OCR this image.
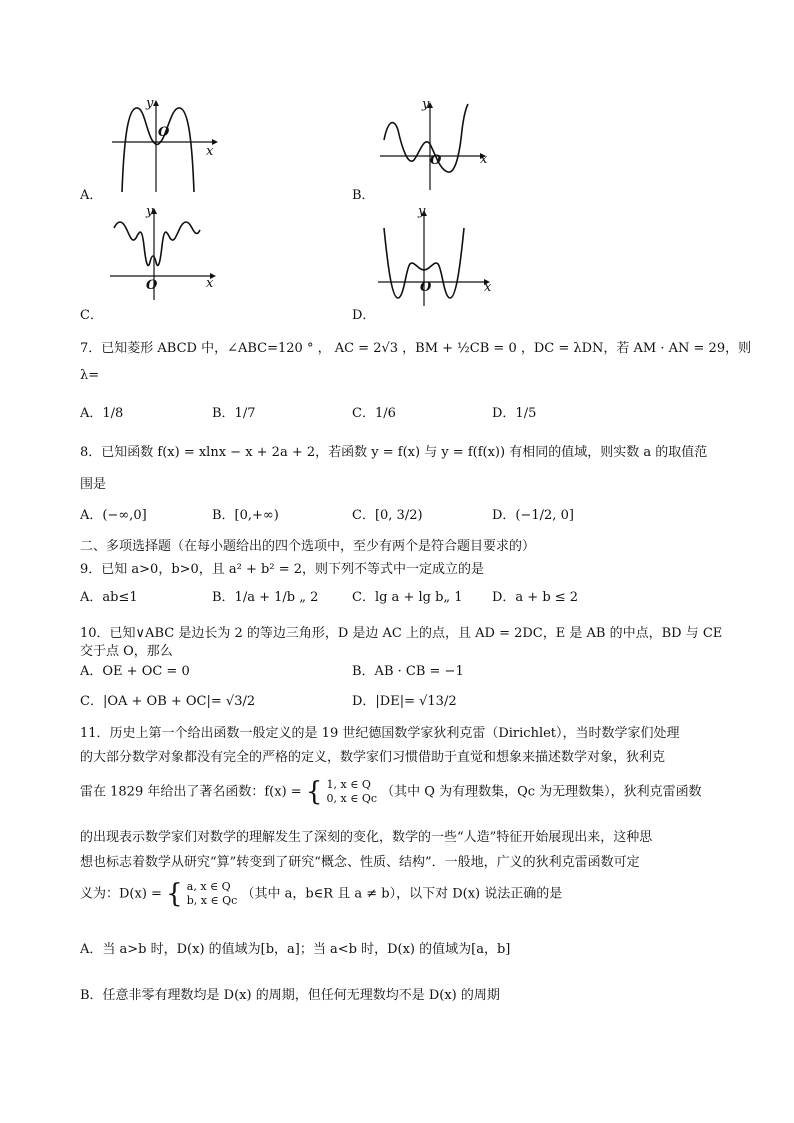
y
x
O
A．
y
x
O
B．
y
x
O
C．
y
x
O
D．
7．已知菱形 ABCD 中，∠ABC=120 ° ， AC = 2√3 ，BM + ½CB = 0 ，DC = λDN，若 AM · AN = 29，则
λ=
A．1/8	B．1/7	C．1/6	D．1/5
8．已知函数 f(x) = xlnx − x + 2a + 2，若函数 y = f(x) 与 y = f(f(x)) 有相同的值域，则实数 a 的取值范
围是
A．(−∞,0]	B．[0,+∞)	C．[0, 3/2)	D．(−1/2, 0]
二、多项选择题（在每小题给出的四个选项中，至少有两个是符合题目要求的）
9．已知 a>0，b>0，且 a² + b² = 2，则下列不等式中一定成立的是
A．ab≤1	B．1/a + 1/b „ 2	C．lg a + lg b„ 1 D．a + b ≤ 2
10．已知∨ABC 是边长为 2 的等边三角形，D 是边 AC 上的点，且 AD = 2DC，E 是 AB 的中点，BD 与 CE
交于点 O，那么
A．OE + OC = 0	B．AB · CB = −1
C．|OA + OB + OC|= √3/2	D．|DE|= √13/2
11．历史上第一个给出函数一般定义的是 19 世纪德国数学家狄利克雷（Dirichlet），当时数学家们处理
的大部分数学对象都没有完全的严格的定义，数学家们习惯借助于直觉和想象来描述数学对象，狄利克
雷在 1829 年给出了著名函数：f(x) = { 1, x ∈ Q
0, x ∈ Qc （其中 Q 为有理数集，Qc 为无理数集），狄利克雷函数
的出现表示数学家们对数学的理解发生了深刻的变化，数学的一些“人造”特征开始展现出来，这种思
想也标志着数学从研究“算”转变到了研究“概念、性质、结构”．一般地，广义的狄利克雷函数可定
义为：D(x) = { a, x ∈ Q
b, x ∈ Qc （其中 a，b∈R 且 a ≠ b），以下对 D(x) 说法正确的是
A．当 a>b 时，D(x) 的值域为[b，a]；当 a<b 时，D(x) 的值域为[a，b]
B．任意非零有理数均是 D(x) 的周期，但任何无理数均不是 D(x) 的周期
